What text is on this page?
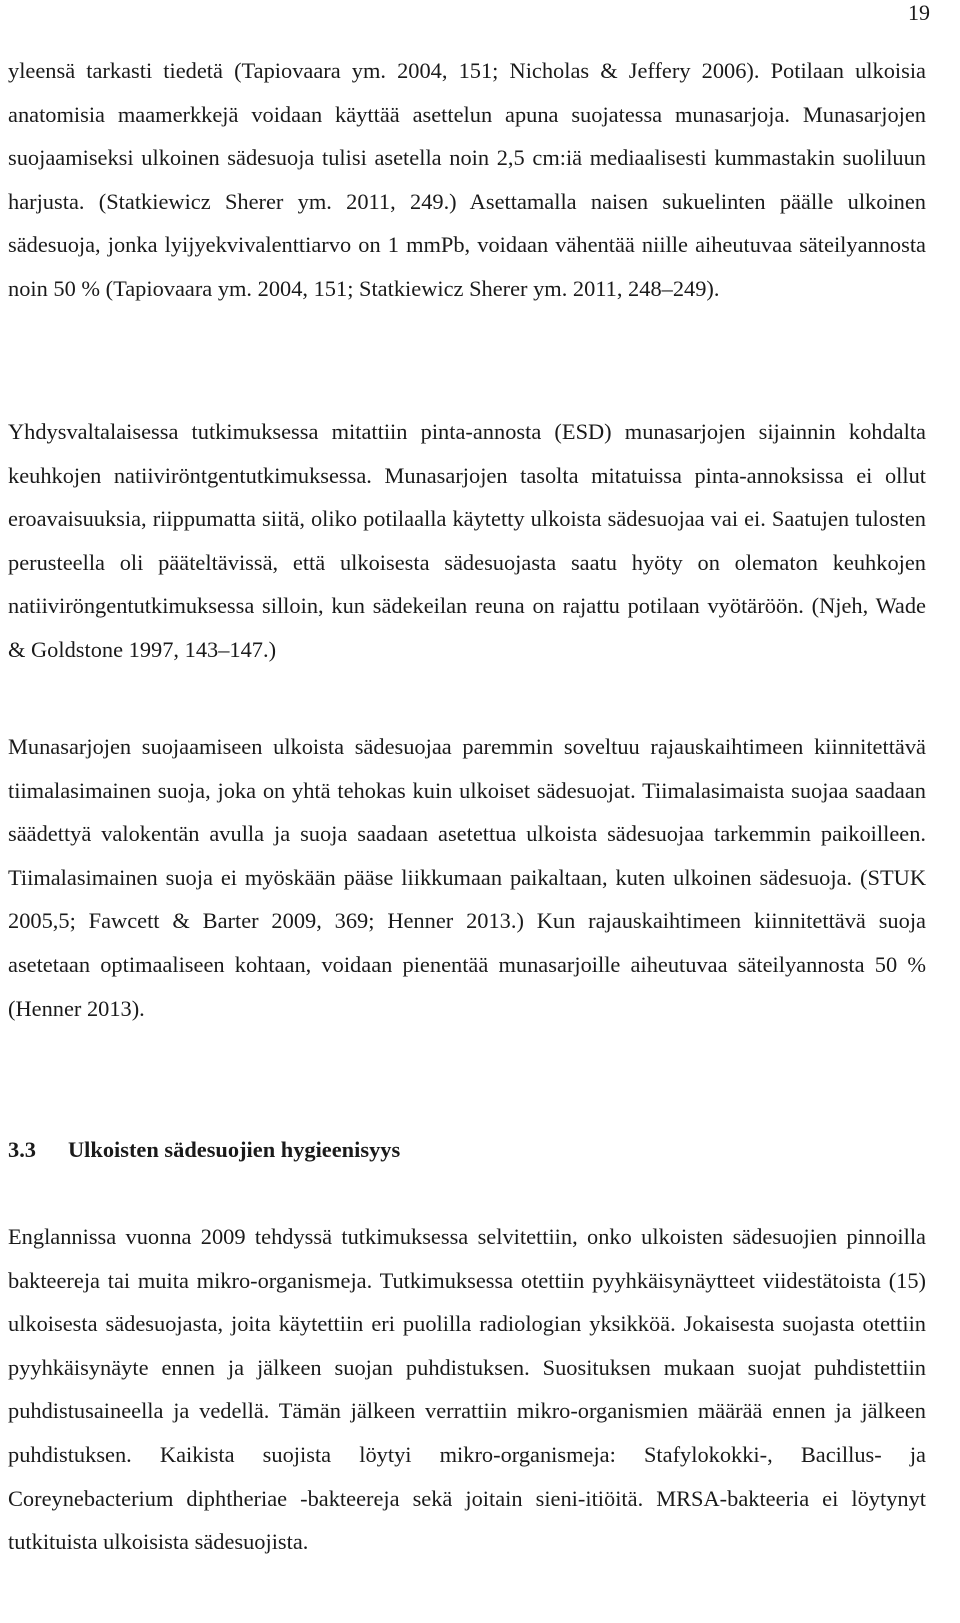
19

yleensä tarkasti tiedetä (Tapiovaara ym. 2004, 151; Nicholas & Jeffery 2006). Potilaan ulkoisia anatomisia maamerkkejä voidaan käyttää asettelun apuna suojatessa munasarjoja. Munasarjojen suojaamiseksi ulkoinen sädesuoja tulisi asetella noin 2,5 cm:iä mediaalisesti kummastakin suoliluun harjusta. (Statkiewicz Sherer ym. 2011, 249.) Asettamalla naisen sukuelinten päälle ulkoinen sädesuoja, jonka lyijyekvivalenttiarvo on 1 mmPb, voidaan vähentää niille aiheutuvaa säteilyannosta noin 50 % (Tapiovaara ym. 2004, 151; Statkiewicz Sherer ym. 2011, 248–249).

Yhdysvaltalaisessa tutkimuksessa mitattiin pinta-annosta (ESD) munasarjojen sijainnin kohdalta keuhkojen natiiviröntgentutkimuksessa. Munasarjojen tasolta mitatuissa pinta-annoksissa ei ollut eroavaisuuksia, riippumatta siitä, oliko potilaalla käytetty ulkoista sädesuojaa vai ei. Saatujen tulosten perusteella oli pääteltävissä, että ulkoisesta sädesuojasta saatu hyöty on olematon keuhkojen natiiviröngentutkimuksessa silloin, kun sädekeilan reuna on rajattu potilaan vyötäröön. (Njeh, Wade & Goldstone 1997, 143–147.)

Munasarjojen suojaamiseen ulkoista sädesuojaa paremmin soveltuu rajauskaihtimeen kiinnitettävä tiimalasimainen suoja, joka on yhtä tehokas kuin ulkoiset sädesuojat. Tiimalasimaista suojaa saadaan säädettyä valokentän avulla ja suoja saadaan asetettua ulkoista sädesuojaa tarkemmin paikoilleen. Tiimalasimainen suoja ei myöskään pääse liikkumaan paikaltaan, kuten ulkoinen sädesuoja. (STUK 2005,5; Fawcett & Barter 2009, 369; Henner 2013.) Kun rajauskaihtimeen kiinnitettävä suoja asetetaan optimaaliseen kohtaan, voidaan pienentää munasarjoille aiheutuvaa säteilyannosta 50 % (Henner 2013).

3.3 Ulkoisten sädesuojien hygieenisyys

Englannissa vuonna 2009 tehdyssä tutkimuksessa selvitettiin, onko ulkoisten sädesuojien pinnoilla bakteereja tai muita mikro-organismeja. Tutkimuksessa otettiin pyyhkäisynäytteet viidestätoista (15) ulkoisesta sädesuojasta, joita käytettiin eri puolilla radiologian yksikköä. Jokaisesta suojasta otettiin pyyhkäisynäyte ennen ja jälkeen suojan puhdistuksen. Suosituksen mukaan suojat puhdistettiin puhdistusaineella ja vedellä. Tämän jälkeen verrattiin mikro-organismien määrää ennen ja jälkeen puhdistuksen. Kaikista suojista löytyi mikro-organismeja: Stafylokokki-, Bacillus- ja Coreynebacterium diphtheriae -bakteereja sekä joitain sieni-itiöitä. MRSA-bakteeria ei löytynyt tutkituista ulkoisista sädesuojista.
